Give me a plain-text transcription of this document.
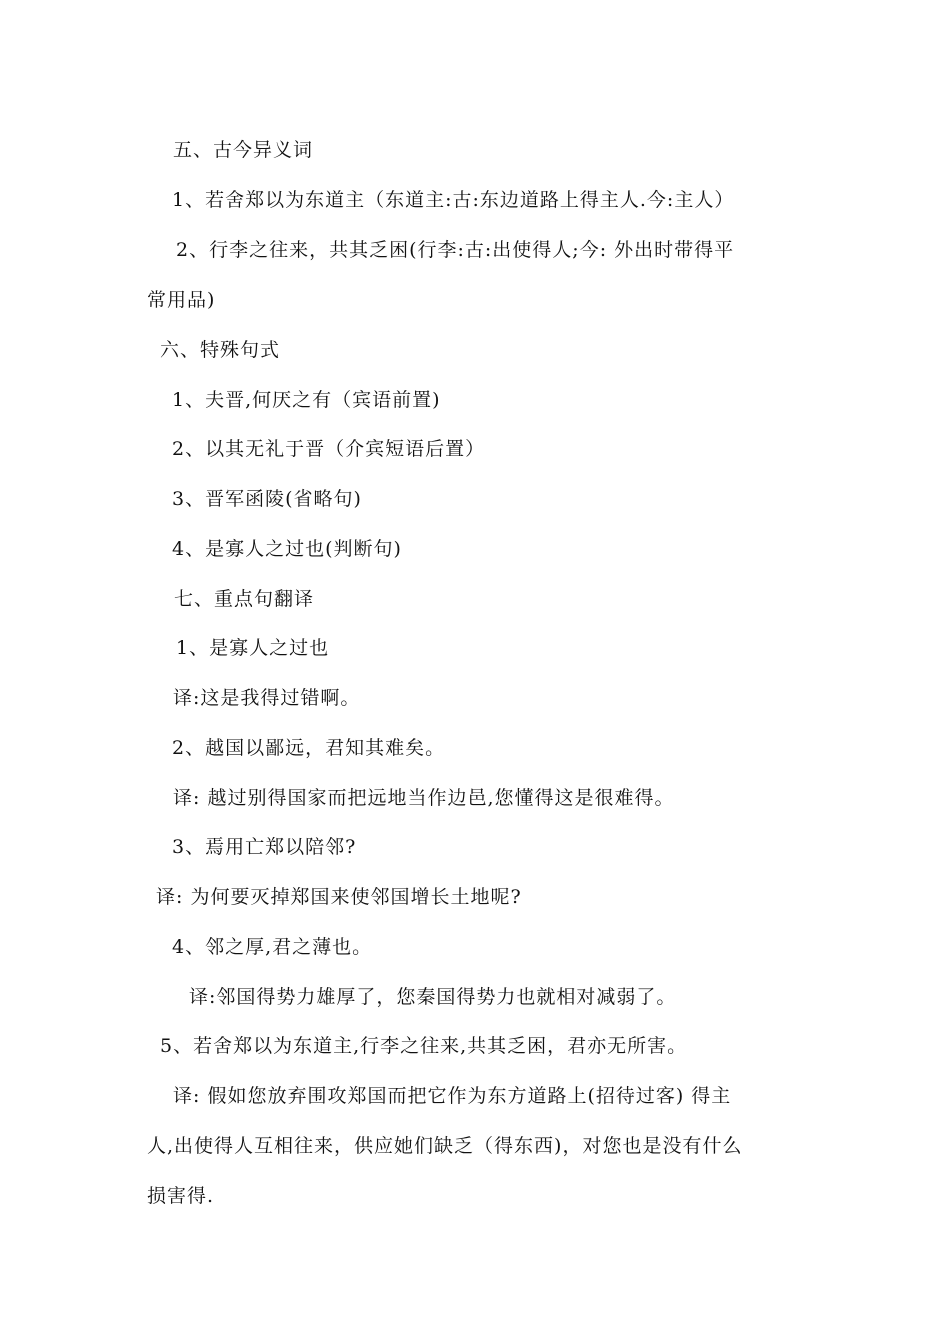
五、古今异义词
1、若舍郑以为东道主（东道主:古:东边道路上得主人.今:主人）
2、行李之往来，共其乏困(行李:古:出使得人;今: 外出时带得平
常用品)
六、特殊句式
1、夫晋,何厌之有（宾语前置)
2、以其无礼于晋（介宾短语后置）
3、晋军函陵(省略句)
4、是寡人之过也(判断句)
七、重点句翻译
1、是寡人之过也
译:这是我得过错啊。
2、越国以鄙远，君知其难矣。
译: 越过别得国家而把远地当作边邑,您懂得这是很难得。
3、焉用亡郑以陪邻?
译: 为何要灭掉郑国来使邻国增长土地呢?
4、邻之厚,君之薄也。
译:邻国得势力雄厚了，您秦国得势力也就相对减弱了。
5、若舍郑以为东道主,行李之往来,共其乏困，君亦无所害。
译: 假如您放弃围攻郑国而把它作为东方道路上(招待过客) 得主
人,出使得人互相往来，供应她们缺乏（得东西)，对您也是没有什么
损害得.
